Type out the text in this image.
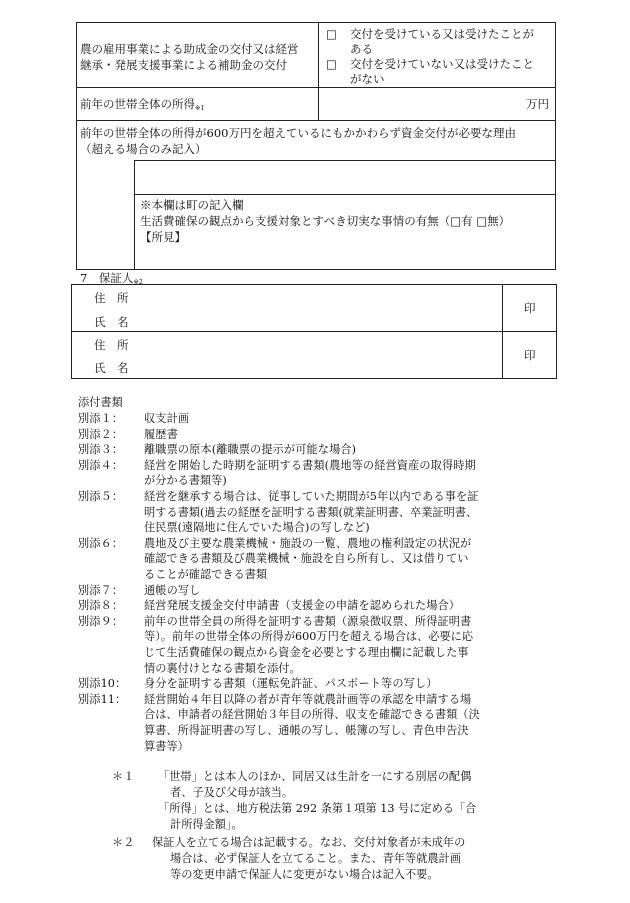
農の雇用事業による助成金の交付又は経営
継承・発展支援事業による補助金の交付
□ 交付を受けている又は受けたことが
ある
□ 交付を受けていない又は受けたこと
がない
前年の世帯全体の所得※1	万円
前年の世帯全体の所得が600万円を超えているにもかかわらず資金交付が必要な理由
（超える場合のみ記入）
※本欄は町の記入欄
生活費確保の観点から支援対象とすべき切実な事情の有無（□有 □無）
【所見】
7　保証人※2
住　所
氏　名
印
住　所
氏　名
印
添付書類
別添１： 収支計画
別添２： 履歴書
別添３： 離職票の原本(離職票の提示が可能な場合)
別添４： 経営を開始した時期を証明する書類(農地等の経営資産の取得時期
が分かる書類等)
別添５： 経営を継承する場合は、従事していた期間が5年以内である事を証
明する書類(過去の経歴を証明する書類(就業証明書、卒業証明書、
住民票(遠隔地に住んでいた場合)の写しなど)
別添６： 農地及び主要な農業機械・施設の一覧、農地の権利設定の状況が
確認できる書類及び農業機械・施設を自ら所有し、又は借りてい
ることが確認できる書類
別添７： 通帳の写し
別添８： 経営発展支援金交付申請書（支援金の申請を認められた場合）
別添９： 前年の世帯全員の所得を証明する書類（源泉徴収票、所得証明書
等）。前年の世帯全体の所得が600万円を超える場合は、必要に応
じて生活費確保の観点から資金を必要とする理由欄に記載した事
情の裏付けとなる書類を添付。
別添10： 身分を証明する書類（運転免許証、パスポート等の写し）
別添11： 経営開始４年目以降の者が青年等就農計画等の承認を申請する場
合は、申請者の経営開始３年目の所得、収支を確認できる書類（決
算書、所得証明書の写し、通帳の写し、帳簿の写し、青色申告決
算書等）
＊１ 「世帯」とは本人のほか、同居又は生計を一にする別居の配偶
者、子及び父母が該当。
「所得」とは、地方税法第 292 条第１項第 13 号に定める「合
計所得金額」。
＊２ 保証人を立てる場合は記載する。なお、交付対象者が未成年の
場合は、必ず保証人を立てること。また、青年等就農計画
等の変更申請で保証人に変更がない場合は記入不要。
